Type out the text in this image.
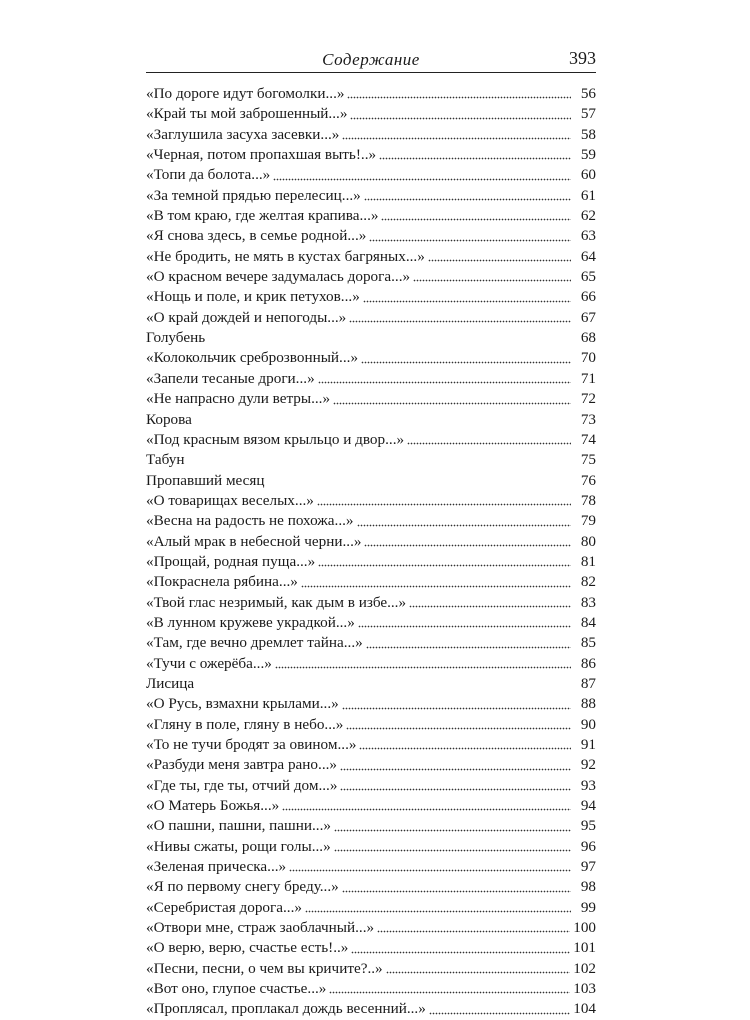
Содержание	393
«По дороге идут богомолки...»	56
«Край ты мой заброшенный...»	57
«Заглушила засуха засевки...»	58
«Черная, потом пропахшая выть!..»	59
«Топи да болота...»	60
«За темной прядью перелесиц...»	61
«В том краю, где желтая крапива...»	62
«Я снова здесь, в семье родной...»	63
«Не бродить, не мять в кустах багряных...»	64
«О красном вечере задумалась дорога...»	65
«Нощь и поле, и крик петухов...»	66
«О край дождей и непогоды...»	67
Голубень	68
«Колокольчик среброзвонный...»	70
«Запели тесаные дроги...»	71
«Не напрасно дули ветры...»	72
Корова	73
«Под красным вязом крыльцо и двор...»	74
Табун	75
Пропавший месяц	76
«О товарищах веселых...»	78
«Весна на радость не похожа...»	79
«Алый мрак в небесной черни...»	80
«Прощай, родная пуща...»	81
«Покраснела рябина...»	82
«Твой глас незримый, как дым в избе...»	83
«В лунном кружеве украдкой...»	84
«Там, где вечно дремлет тайна...»	85
«Тучи с ожерёба...»	86
Лисица	87
«О Русь, взмахни крылами...»	88
«Гляну в поле, гляну в небо...»	90
«То не тучи бродят за овином...»	91
«Разбуди меня завтра рано...»	92
«Где ты, где ты, отчий дом...»	93
«О Матерь Божья...»	94
«О пашни, пашни, пашни...»	95
«Нивы сжаты, рощи голы...»	96
«Зеленая прическа...»	97
«Я по первому снегу бреду...»	98
«Серебристая дорога...»	99
«Отвори мне, страж заоблачный...»	100
«О верю, верю, счастье есть!..»	101
«Песни, песни, о чем вы кричите?..»	102
«Вот оно, глупое счастье...»	103
«Проплясал, проплакал дождь весенний...»	104
